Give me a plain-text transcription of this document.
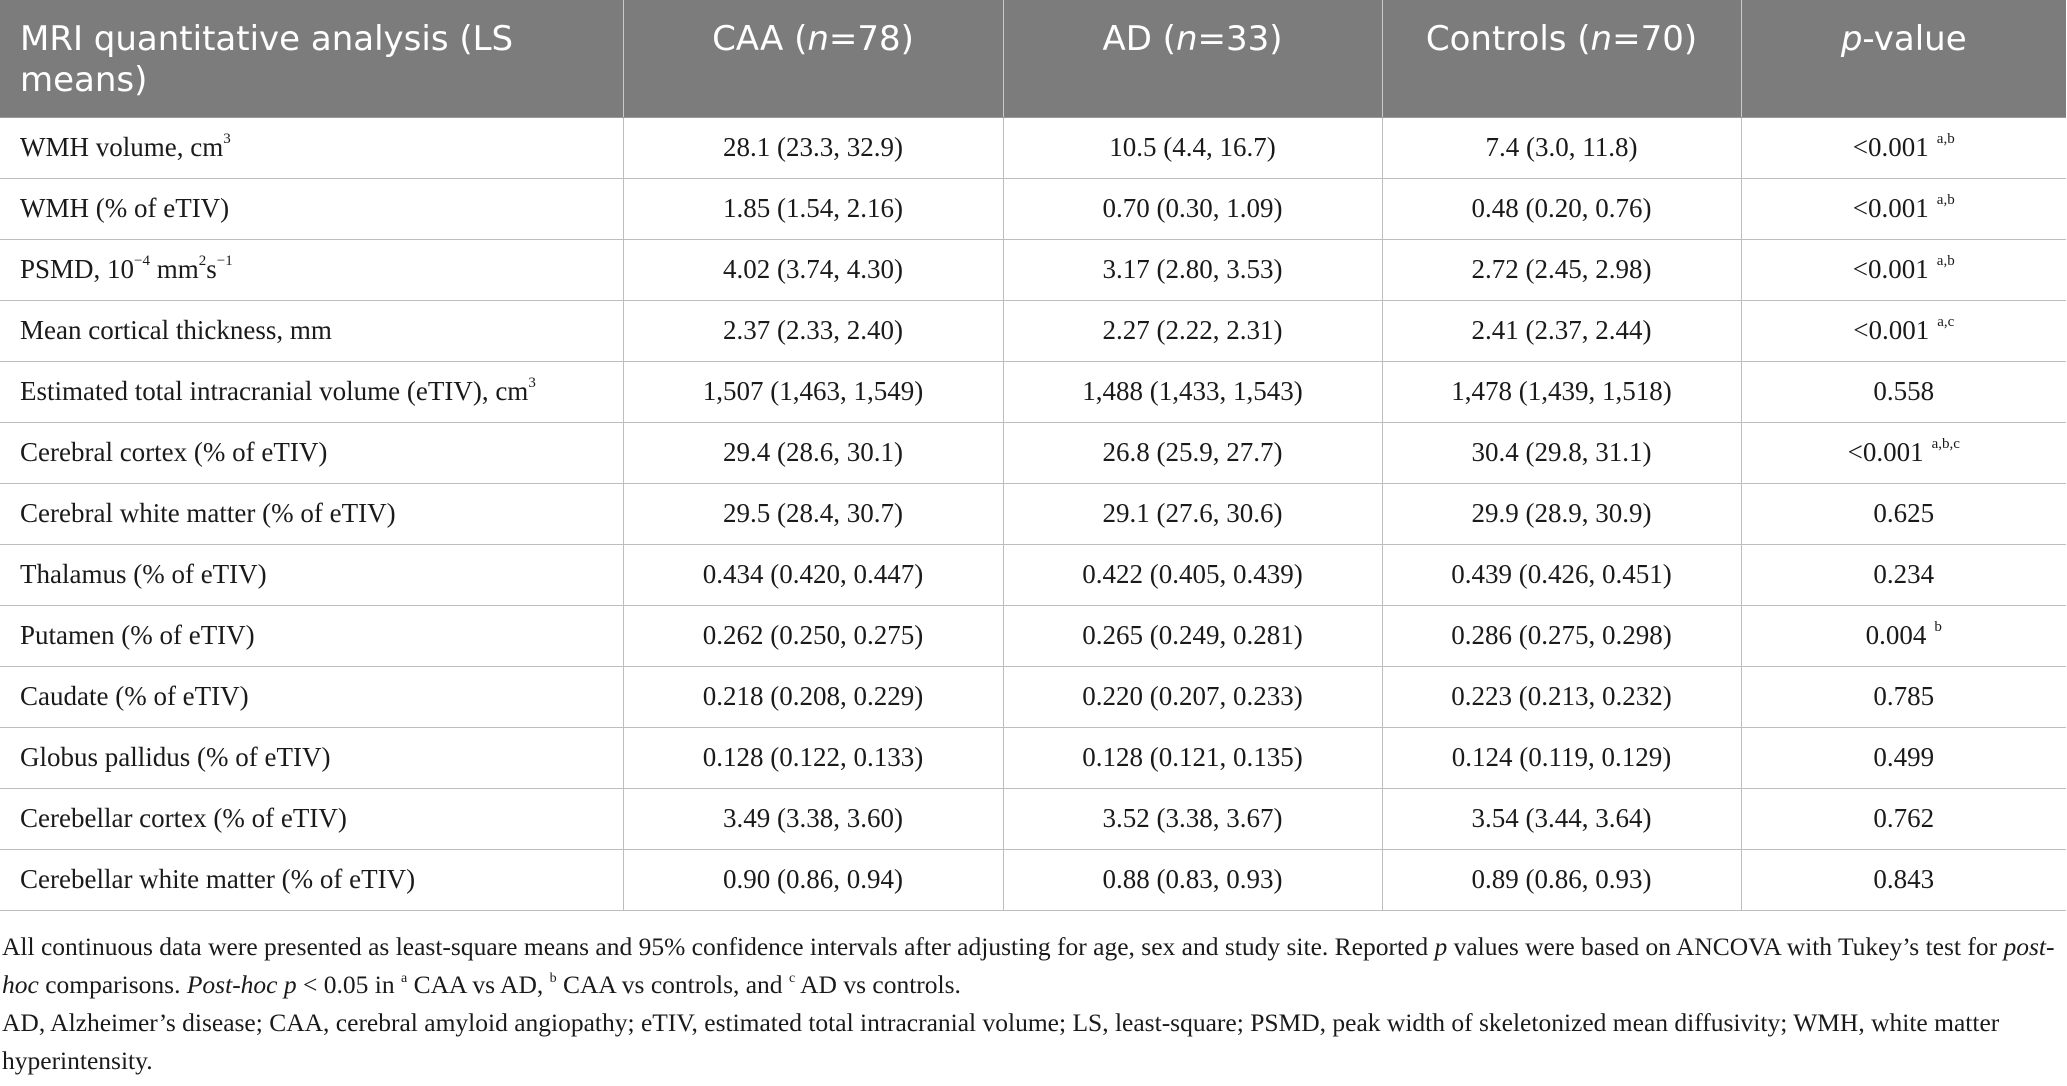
MRI quantitative analysis (LS means)	CAA (n=78)	AD (n=33)	Controls (n=70)	p-value
WMH volume, $cm^3$	28.1 (23.3, 32.9)	10.5 (4.4, 16.7)	7.4 (3.0, 11.8)	<0.001 $^{a,b}$
WMH (% of eTIV)	1.85 (1.54, 2.16)	0.70 (0.30, 1.09)	0.48 (0.20, 0.76)	<0.001 $^{a,b}$
PSMD, $10^{-4}$ $mm^2s^{-1}$	4.02 (3.74, 4.30)	3.17 (2.80, 3.53)	2.72 (2.45, 2.98)	<0.001 $^{a,b}$
Mean cortical thickness, mm	2.37 (2.33, 2.40)	2.27 (2.22, 2.31)	2.41 (2.37, 2.44)	<0.001 $^{a,c}$
Estimated total intracranial volume (eTIV), $cm^3$	1,507 (1,463, 1,549)	1,488 (1,433, 1,543)	1,478 (1,439, 1,518)	0.558
Cerebral cortex (% of eTIV)	29.4 (28.6, 30.1)	26.8 (25.9, 27.7)	30.4 (29.8, 31.1)	<0.001 $^{a,b,c}$
Cerebral white matter (% of eTIV)	29.5 (28.4, 30.7)	29.1 (27.6, 30.6)	29.9 (28.9, 30.9)	0.625
Thalamus (% of eTIV)	0.434 (0.420, 0.447)	0.422 (0.405, 0.439)	0.439 (0.426, 0.451)	0.234
Putamen (% of eTIV)	0.262 (0.250, 0.275)	0.265 (0.249, 0.281)	0.286 (0.275, 0.298)	0.004 $^b$
Caudate (% of eTIV)	0.218 (0.208, 0.229)	0.220 (0.207, 0.233)	0.223 (0.213, 0.232)	0.785
Globus pallidus (% of eTIV)	0.128 (0.122, 0.133)	0.128 (0.121, 0.135)	0.124 (0.119, 0.129)	0.499
Cerebellar cortex (% of eTIV)	3.49 (3.38, 3.60)	3.52 (3.38, 3.67)	3.54 (3.44, 3.64)	0.762
Cerebellar white matter (% of eTIV)	0.90 (0.86, 0.94)	0.88 (0.83, 0.93)	0.89 (0.86, 0.93)	0.843

All continuous data were presented as least-square means and 95% confidence intervals after adjusting for age, sex and study site. Reported p values were based on ANCOVA with Tukey’s test for post-hoc comparisons. Post-hoc p < 0.05 in $^a$ CAA vs AD, $^b$ CAA vs controls, and $^c$ AD vs controls.

AD, Alzheimer’s disease; CAA, cerebral amyloid angiopathy; eTIV, estimated total intracranial volume; LS, least-square; PSMD, peak width of skeletonized mean diffusivity; WMH, white matter hyperintensity.
